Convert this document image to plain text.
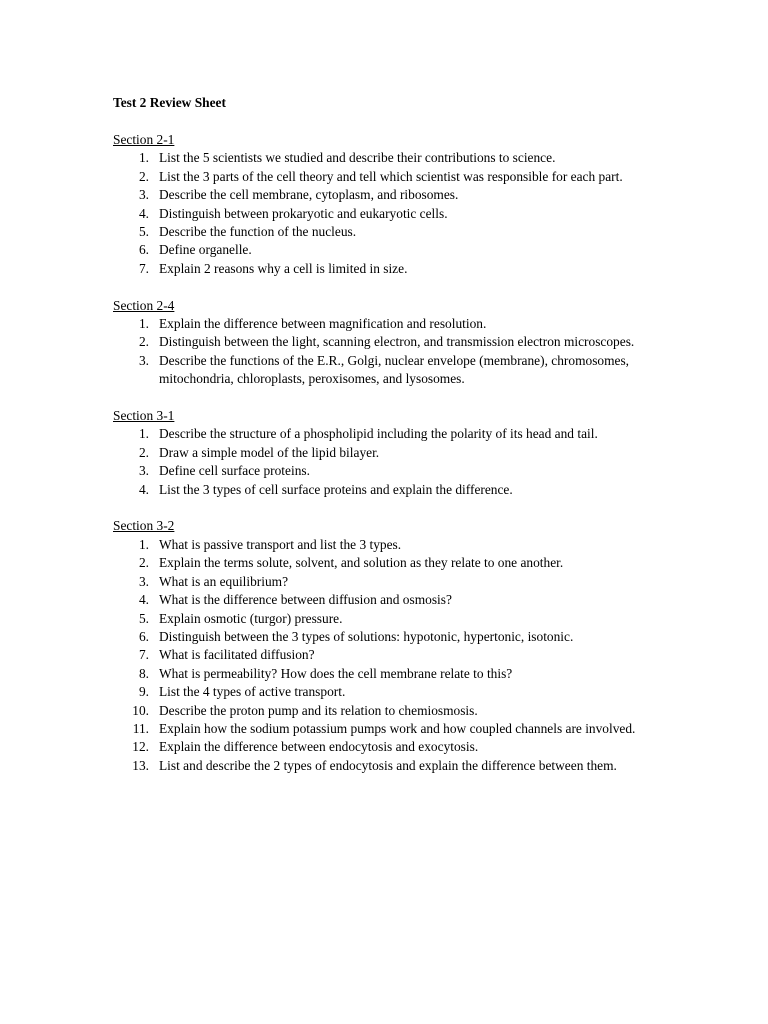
Test 2 Review Sheet
Section 2-1
1. List the 5 scientists we studied and describe their contributions to science.
2. List the 3 parts of the cell theory and tell which scientist was responsible for each part.
3. Describe the cell membrane, cytoplasm, and ribosomes.
4. Distinguish between prokaryotic and eukaryotic cells.
5. Describe the function of the nucleus.
6. Define organelle.
7. Explain 2 reasons why a cell is limited in size.
Section 2-4
1. Explain the difference between magnification and resolution.
2. Distinguish between the light, scanning electron, and transmission electron microscopes.
3. Describe the functions of the E.R., Golgi, nuclear envelope (membrane), chromosomes, mitochondria, chloroplasts, peroxisomes, and lysosomes.
Section 3-1
1. Describe the structure of a phospholipid including the polarity of its head and tail.
2. Draw a simple model of the lipid bilayer.
3. Define cell surface proteins.
4. List the 3 types of cell surface proteins and explain the difference.
Section 3-2
1. What is passive transport and list the 3 types.
2. Explain the terms solute, solvent, and solution as they relate to one another.
3. What is an equilibrium?
4. What is the difference between diffusion and osmosis?
5. Explain osmotic (turgor) pressure.
6. Distinguish between the 3 types of solutions: hypotonic, hypertonic, isotonic.
7. What is facilitated diffusion?
8. What is permeability? How does the cell membrane relate to this?
9. List the 4 types of active transport.
10. Describe the proton pump and its relation to chemiosmosis.
11. Explain how the sodium potassium pumps work and how coupled channels are involved.
12. Explain the difference between endocytosis and exocytosis.
13. List and describe the 2 types of endocytosis and explain the difference between them.
